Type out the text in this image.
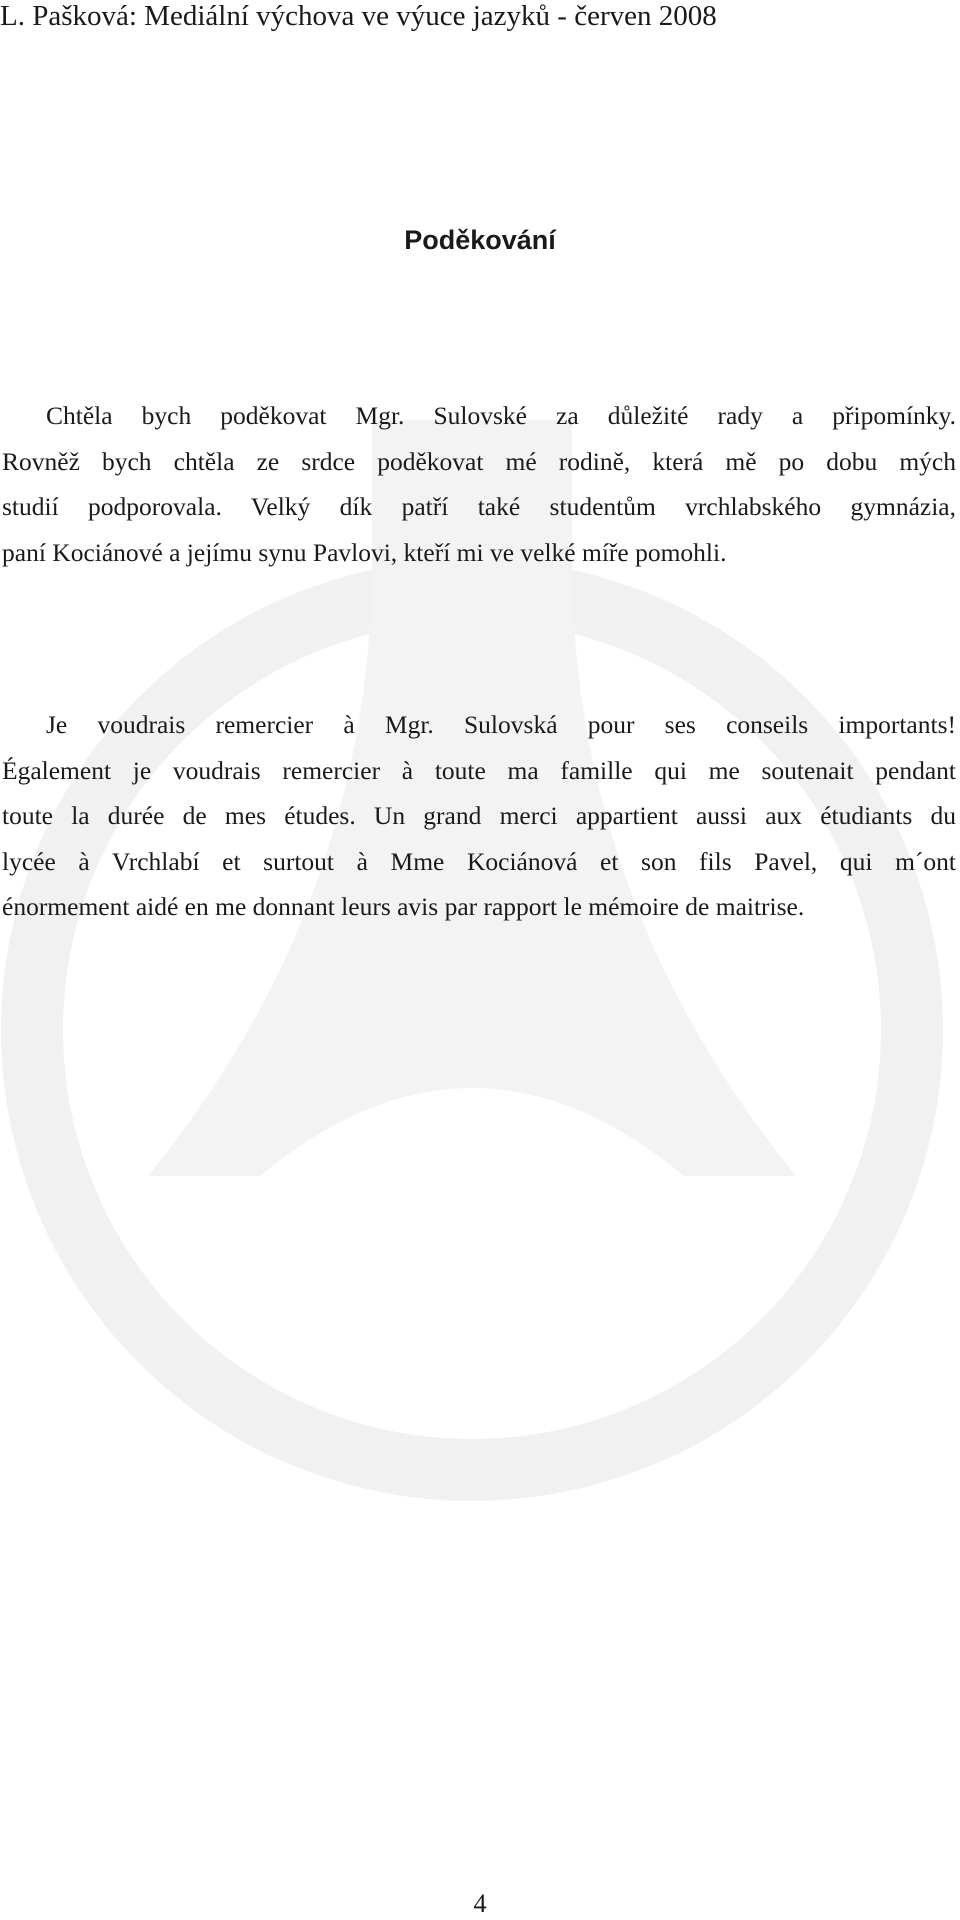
L. Pašková: Mediální výchova ve výuce jazyků - červen 2008
Poděkování
Chtěla bych poděkovat Mgr. Sulovské za důležité rady a připomínky.
Rovněž bych chtěla ze srdce poděkovat mé rodině, která mě po dobu mých
studií podporovala. Velký dík patří také studentům vrchlabského gymnázia,
paní Kociánové a jejímu synu Pavlovi, kteří mi ve velké míře pomohli.
Je voudrais remercier à Mgr. Sulovská pour ses conseils importants!
Également je voudrais remercier à toute ma famille qui me soutenait pendant
toute la durée de mes études. Un grand merci appartient aussi aux étudiants du
lycée à Vrchlabí et surtout à Mme Kociánová et son fils Pavel, qui m´ont
énormement aidé en me donnant leurs avis par rapport le mémoire de maitrise.
4
